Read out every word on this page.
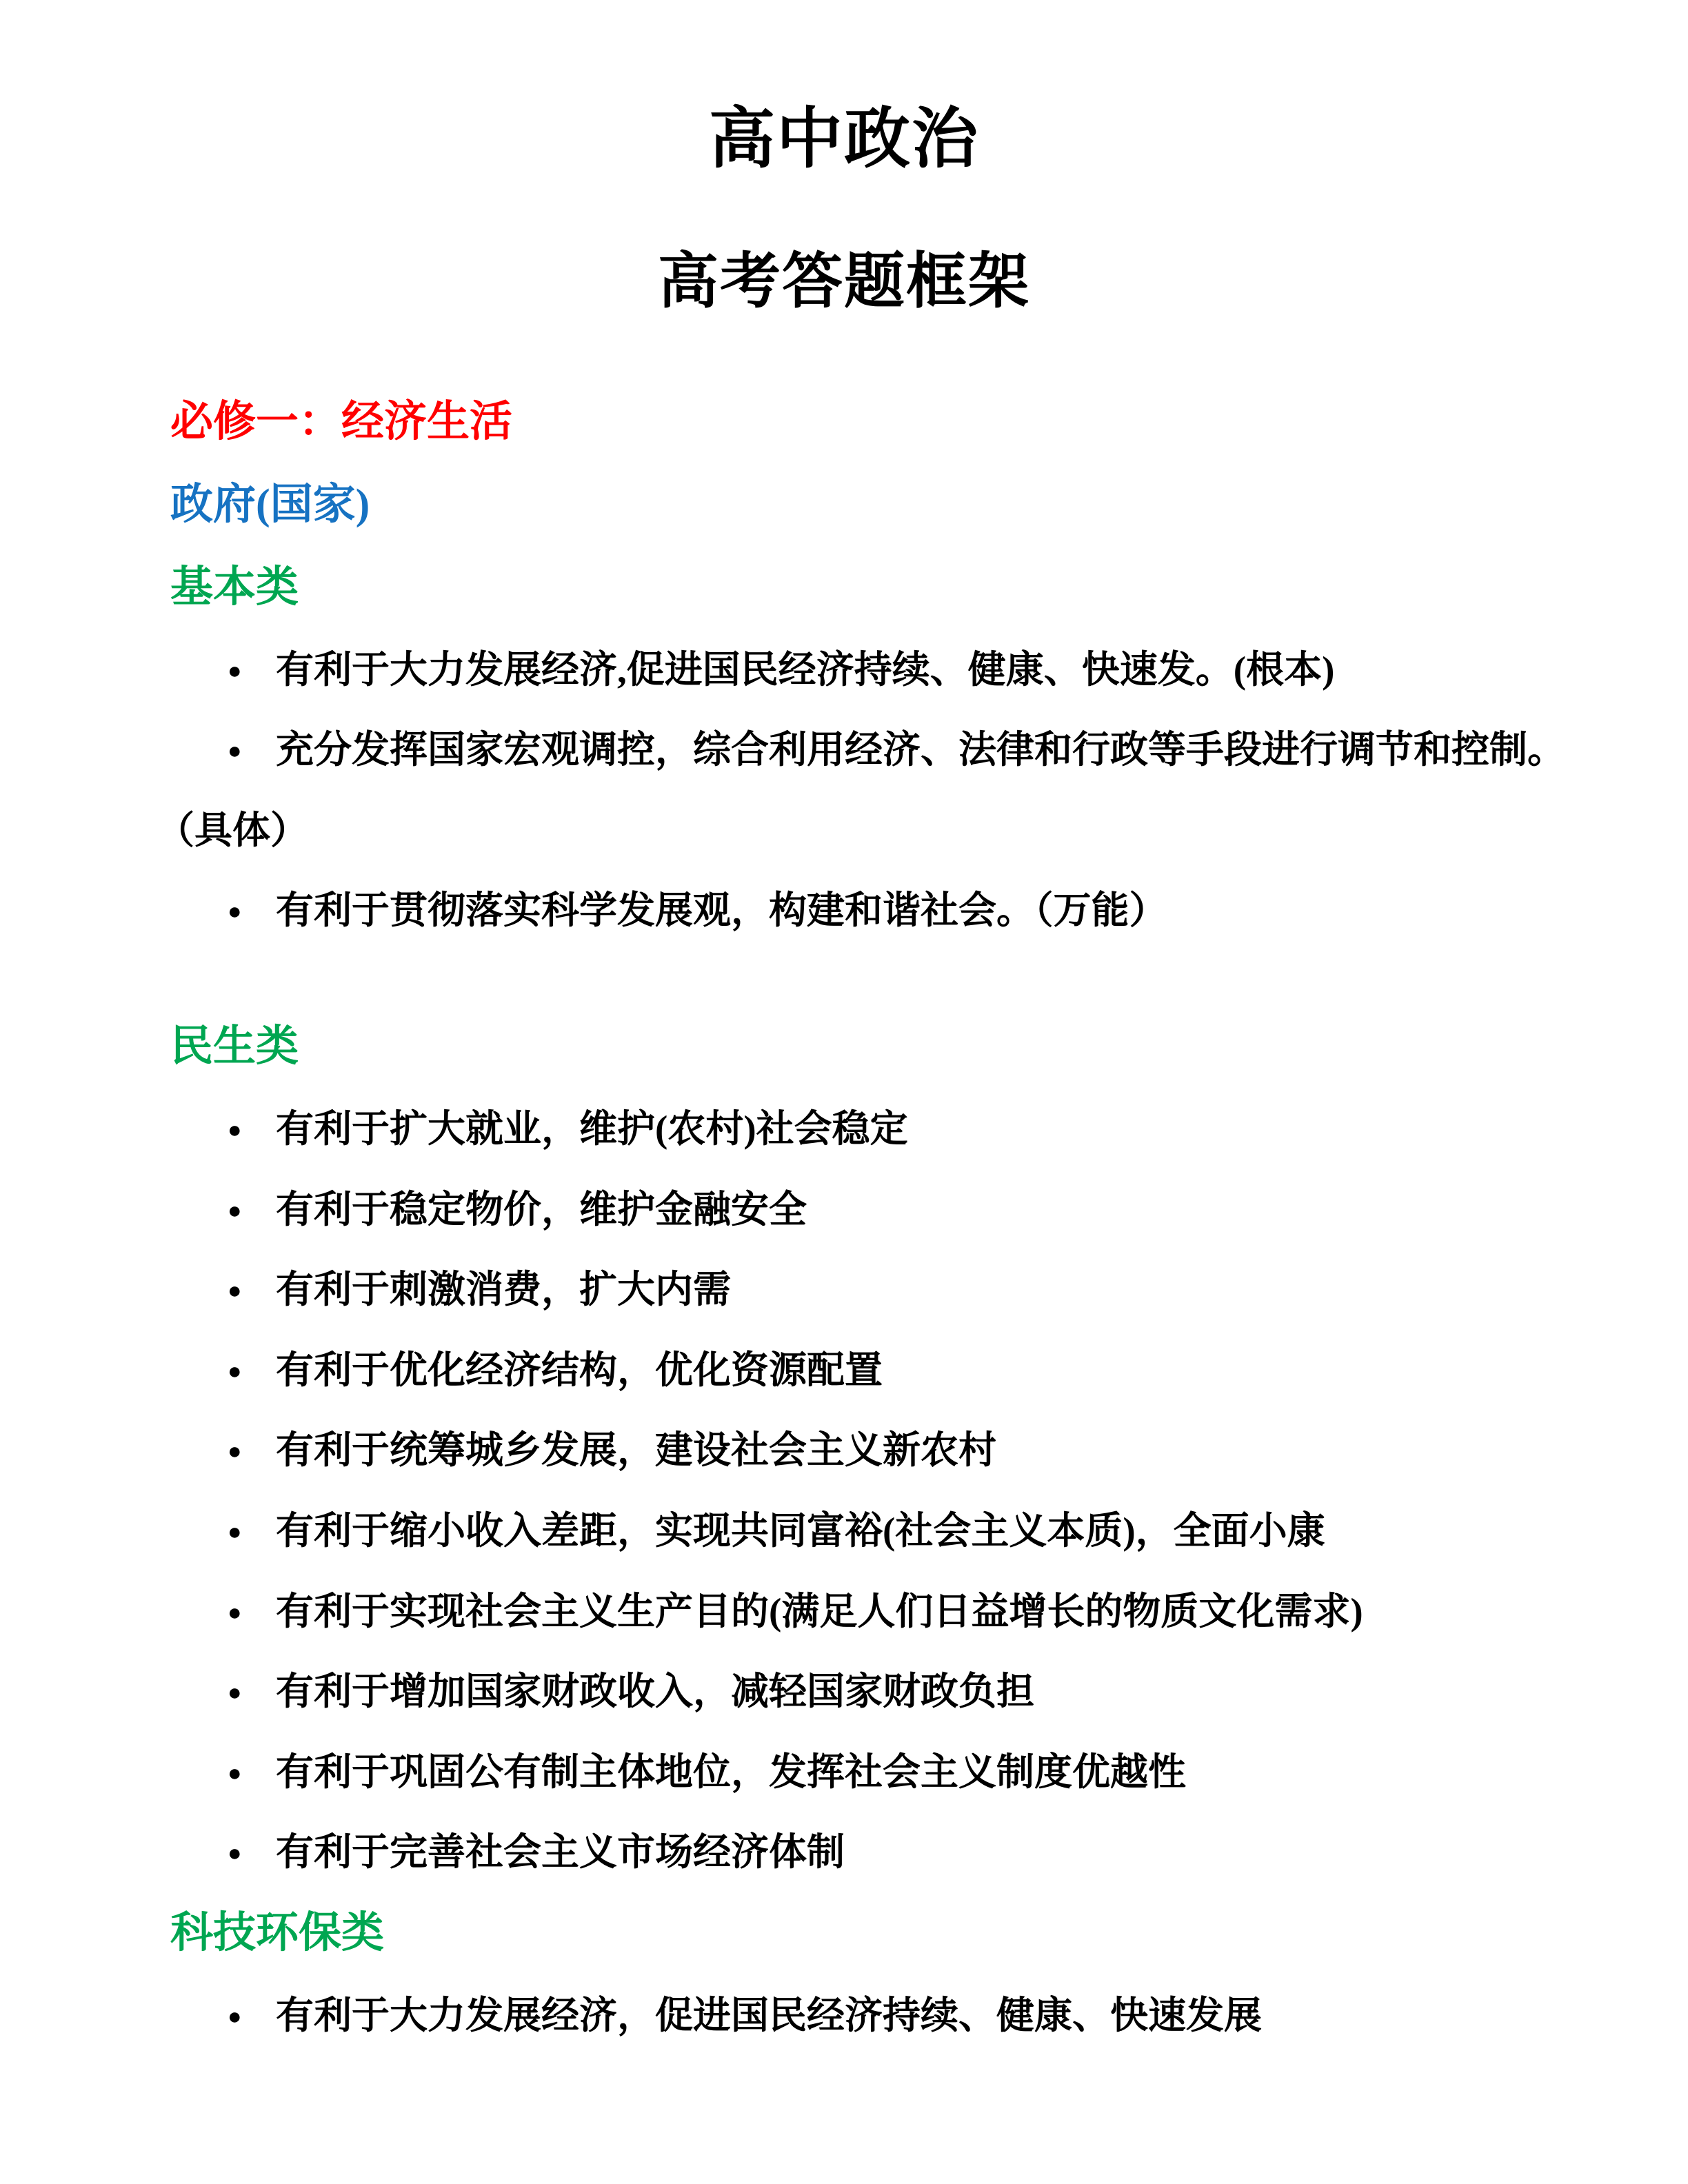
高中政治
高考答题框架
必修一：经济生活
政府(国家)
基本类
● 有利于大力发展经济,促进国民经济持续、健康、快速发。(根本)
● 充分发挥国家宏观调控，综合利用经济、法律和行政等手段进行调节和控制。
（具体）
● 有利于贯彻落实科学发展观，构建和谐社会。（万能）
民生类
● 有利于扩大就业，维护(农村)社会稳定
● 有利于稳定物价，维护金融安全
● 有利于刺激消费，扩大内需
● 有利于优化经济结构，优化资源配置
● 有利于统筹城乡发展，建设社会主义新农村
● 有利于缩小收入差距，实现共同富裕(社会主义本质)，全面小康
● 有利于实现社会主义生产目的(满足人们日益增长的物质文化需求)
● 有利于增加国家财政收入，减轻国家财政负担
● 有利于巩固公有制主体地位，发挥社会主义制度优越性
● 有利于完善社会主义市场经济体制
科技环保类
● 有利于大力发展经济，促进国民经济持续、健康、快速发展
